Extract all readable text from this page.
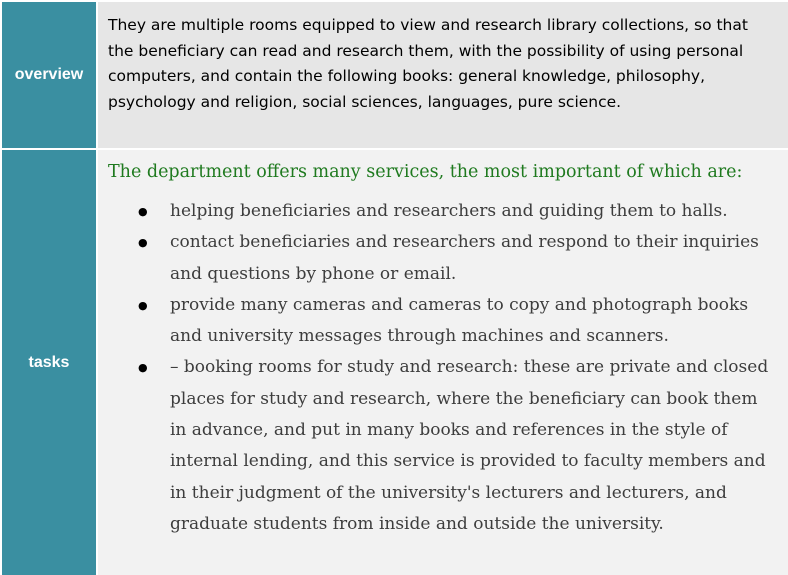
overview
They are multiple rooms equipped to view and research library collections, so that the beneficiary can read and research them, with the possibility of using personal computers, and contain the following books: general knowledge, philosophy, psychology and religion, social sciences, languages, pure science.
tasks
The department offers many services, the most important of which are:
● helping beneficiaries and researchers and guiding them to halls.
● contact beneficiaries and researchers and respond to their inquiries and questions by phone or email.
● provide many cameras and cameras to copy and photograph books and university messages through machines and scanners.
● – booking rooms for study and research: these are private and closed places for study and research, where the beneficiary can book them in advance, and put in many books and references in the style of internal lending, and this service is provided to faculty members and in their judgment of the university's lecturers and lecturers, and graduate students from inside and outside the university.
